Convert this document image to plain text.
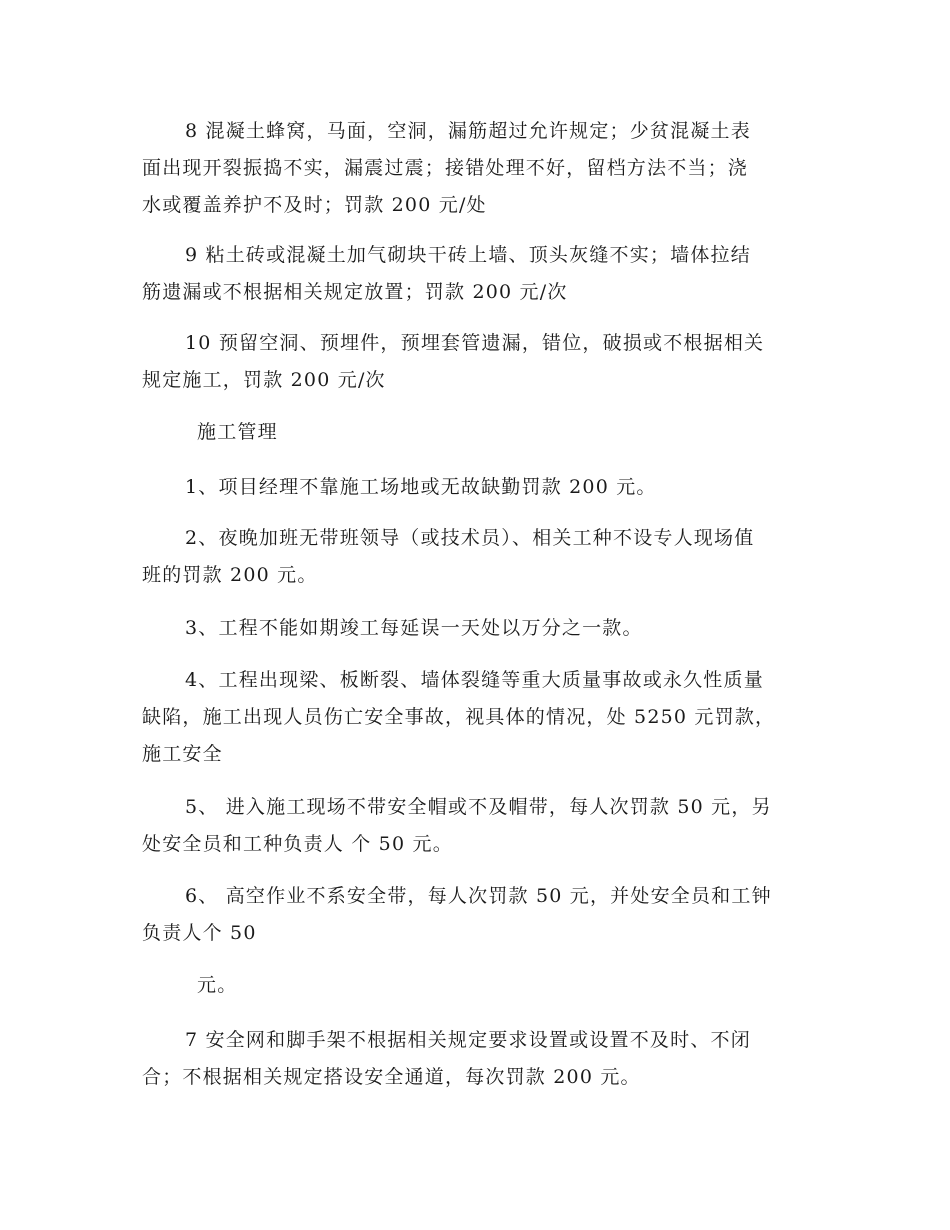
8 混凝土蜂窝，马面，空洞，漏筋超过允许规定；少贫混凝土表
面出现开裂振捣不实，漏震过震；接错处理不好，留档方法不当；浇
水或覆盖养护不及时；罚款 200 元/处
9 粘土砖或混凝土加气砌块干砖上墙、顶头灰缝不实；墙体拉结
筋遗漏或不根据相关规定放置；罚款 200 元/次
10 预留空洞、预埋件，预埋套管遗漏，错位，破损或不根据相关
规定施工，罚款 200 元/次
施工管理
1、项目经理不靠施工场地或无故缺勤罚款 200 元。
2、夜晚加班无带班领导（或技术员）、相关工种不设专人现场值
班的罚款 200 元。
3、工程不能如期竣工每延误一天处以万分之一款。
4、工程出现梁、板断裂、墙体裂缝等重大质量事故或永久性质量
缺陷，施工出现人员伤亡安全事故，视具体的情况，处 5250 元罚款，
施工安全
5、 进入施工现场不带安全帽或不及帽带，每人次罚款 50 元，另
处安全员和工种负责人 个 50 元。
6、 高空作业不系安全带，每人次罚款 50 元，并处安全员和工钟
负责人个 50
元。
7 安全网和脚手架不根据相关规定要求设置或设置不及时、不闭
合；不根据相关规定搭设安全通道，每次罚款 200 元。
